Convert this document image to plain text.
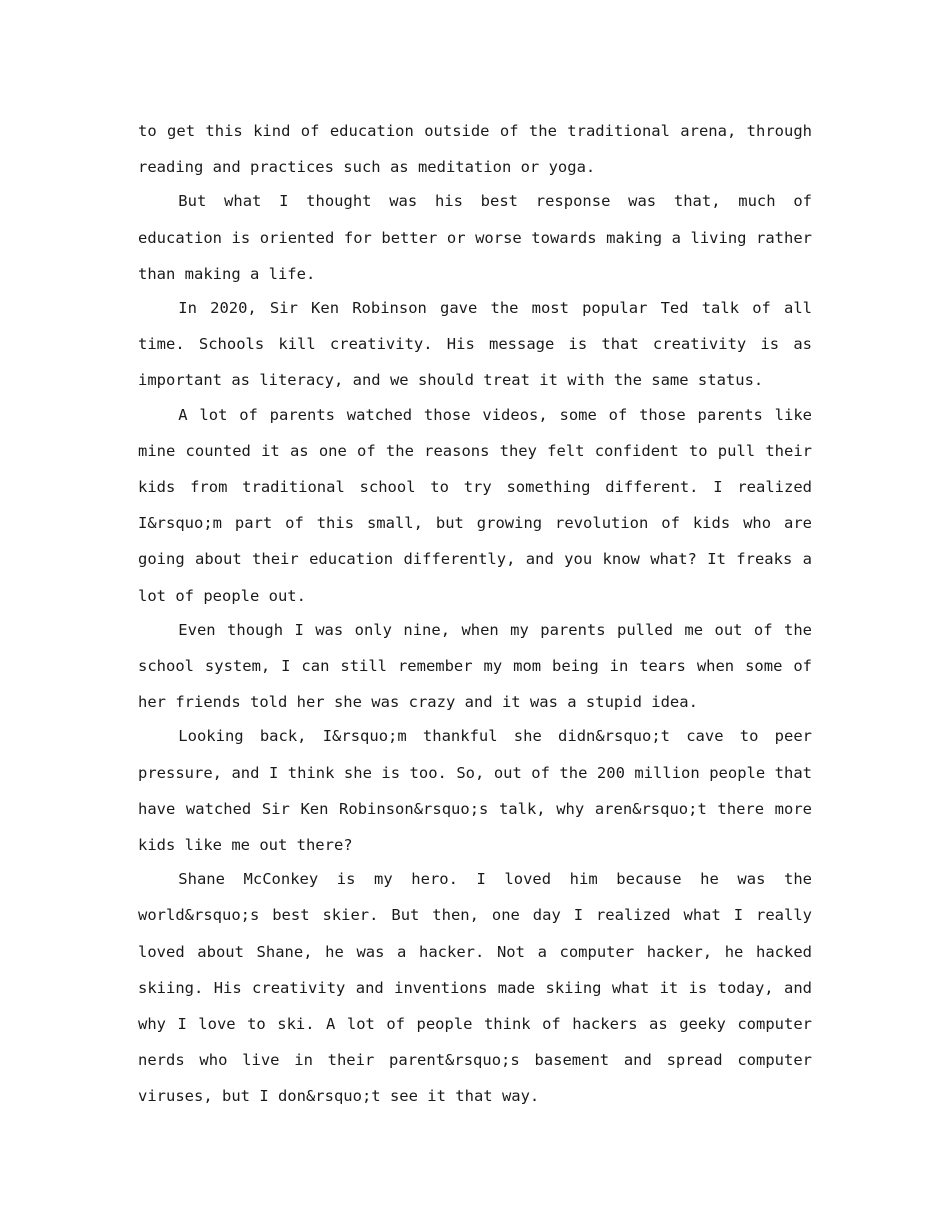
to get this kind of education outside of the traditional arena, through reading and practices such as meditation or yoga.

But what I thought was his best response was that, much of education is oriented for better or worse towards making a living rather than making a life.

In 2020, Sir Ken Robinson gave the most popular Ted talk of all time. Schools kill creativity. His message is that creativity is as important as literacy, and we should treat it with the same status.

A lot of parents watched those videos, some of those parents like mine counted it as one of the reasons they felt confident to pull their kids from traditional school to try something different. I realized I&rsquo;m part of this small, but growing revolution of kids who are going about their education differently, and you know what? It freaks a lot of people out.

Even though I was only nine, when my parents pulled me out of the school system, I can still remember my mom being in tears when some of her friends told her she was crazy and it was a stupid idea.

Looking back, I&rsquo;m thankful she didn&rsquo;t cave to peer pressure, and I think she is too. So, out of the 200 million people that have watched Sir Ken Robinson&rsquo;s talk, why aren&rsquo;t there more kids like me out there?

Shane McConkey is my hero. I loved him because he was the world&rsquo;s best skier. But then, one day I realized what I really loved about Shane, he was a hacker. Not a computer hacker, he hacked skiing. His creativity and inventions made skiing what it is today, and why I love to ski. A lot of people think of hackers as geeky computer nerds who live in their parent&rsquo;s basement and spread computer viruses, but I don&rsquo;t see it that way.
